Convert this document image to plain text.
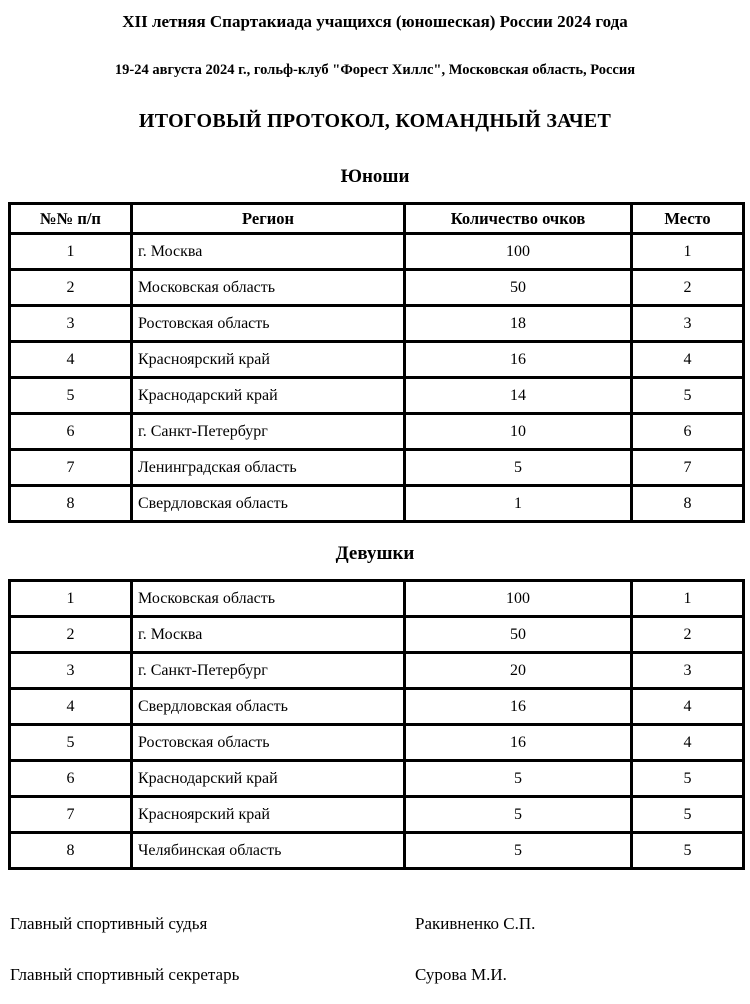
XII летняя Спартакиада учащихся (юношеская) России 2024 года
19-24 августа 2024 г., гольф-клуб "Форест Хиллс", Московская область, Россия
ИТОГОВЫЙ ПРОТОКОЛ, КОМАНДНЫЙ ЗАЧЕТ
Юноши
№№ п/п	Регион	Количество очков	Место
1	г. Москва	100	1
2	Московская область	50	2
3	Ростовская область	18	3
4	Красноярский край	16	4
5	Краснодарский край	14	5
6	г. Санкт-Петербург	10	6
7	Ленинградская область	5	7
8	Свердловская область	1	8
Девушки
1	Московская область	100	1
2	г. Москва	50	2
3	г. Санкт-Петербург	20	3
4	Свердловская область	16	4
5	Ростовская область	16	4
6	Краснодарский край	5	5
7	Красноярский край	5	5
8	Челябинская область	5	5
Главный спортивный судья	Ракивненко С.П.
Главный спортивный секретарь	Сурова М.И.
